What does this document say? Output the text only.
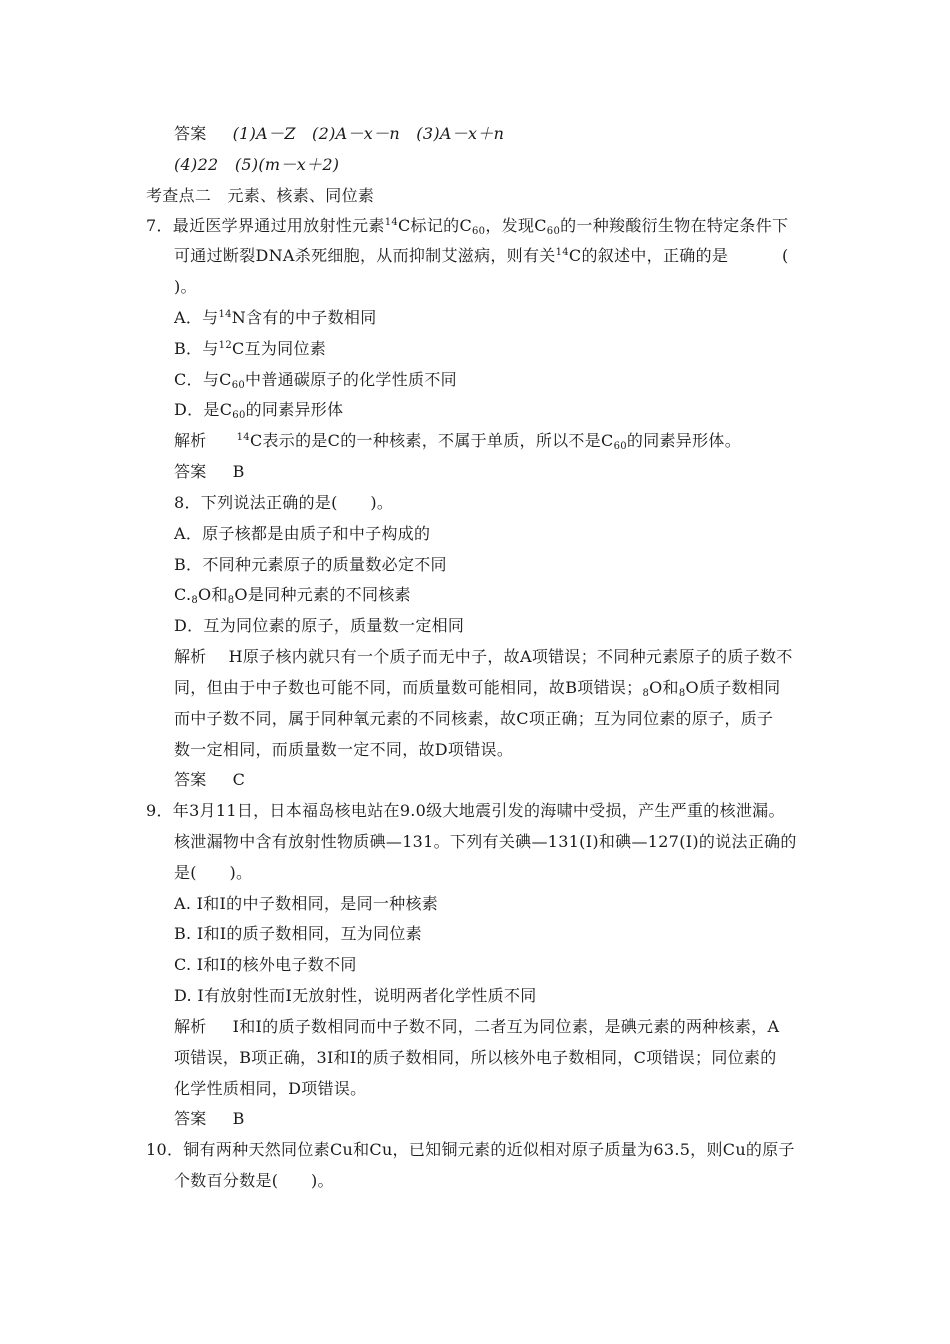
答案 (1)A－Z　(2)A－x－n　(3)A－x＋n
(4)22　(5)(m－x＋2)
考查点二　元素、核素、同位素
7．最近医学界通过用放射性元素$^{14}$C标记的$C_{60}$，发现$C_{60}$的一种羧酸衍生物在特定条件下
可通过断裂DNA杀死细胞，从而抑制艾滋病，则有关$^{14}$C的叙述中，正确的是	(
)。
A．与$^{14}$N含有的中子数相同
B．与$^{12}$C互为同位素
C．与$C_{60}$中普通碳原子的化学性质不同
D．是$C_{60}$的同素异形体
解析	$^{14}$C表示的是C的一种核素，不属于单质，所以不是$C_{60}$的同素异形体。
答案 B
8．下列说法正确的是(　　)。
A．原子核都是由质子和中子构成的
B．不同种元素原子的质量数必定不同
$C._8O$和$_8$O是同种元素的不同核素
D．互为同位素的原子，质量数一定相同
解析 H原子核内就只有一个质子而无中子，故A项错误；不同种元素原子的质子数不
同，但由于中子数也可能不同，而质量数可能相同，故B项错误；$_8$O和$_8$O质子数相同
而中子数不同，属于同种氧元素的不同核素，故C项正确；互为同位素的原子，质子
数一定相同，而质量数一定不同，故D项错误。
答案 C
9．年3月11日，日本福岛核电站在9.0级大地震引发的海啸中受损，产生严重的核泄漏。
核泄漏物中含有放射性物质碘—131。下列有关碘—131(I)和碘—127(I)的说法正确的
是(　　)。
A. I和I的中子数相同，是同一种核素
B. I和I的质子数相同，互为同位素
C. I和I的核外电子数不同
D. I有放射性而I无放射性，说明两者化学性质不同
解析 I和I的质子数相同而中子数不同，二者互为同位素，是碘元素的两种核素，A
项错误，B项正确，3I和I的质子数相同，所以核外电子数相同，C项错误；同位素的
化学性质相同，D项错误。
答案 B
10．铜有两种天然同位素Cu和Cu，已知铜元素的近似相对原子质量为63.5，则Cu的原子
个数百分数是(　　)。
